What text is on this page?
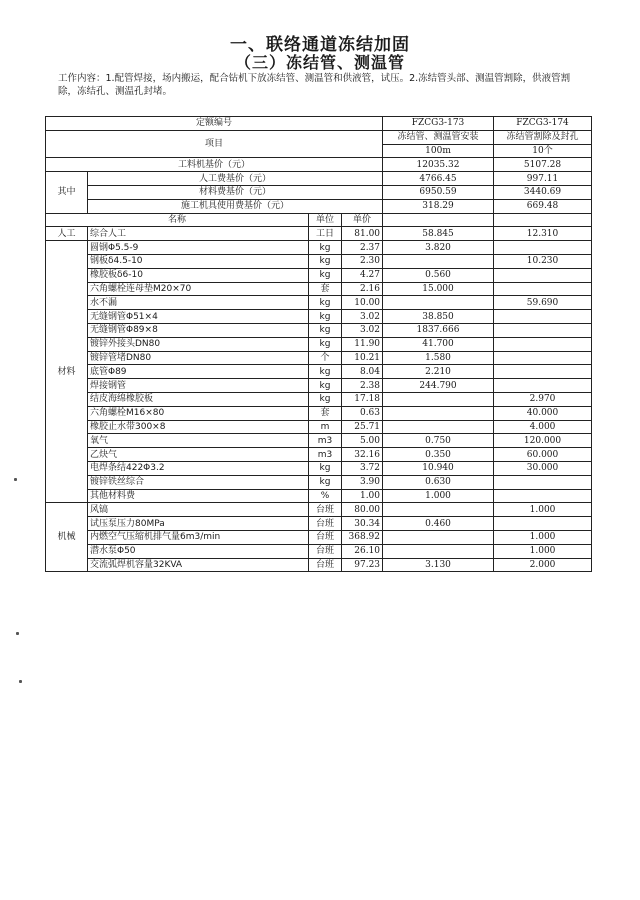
一、联络通道冻结加固
（三）冻结管、测温管
工作内容：1.配管焊接，场内搬运，配合钻机下放冻结管、测温管和供液管，试压。2.冻结管头部、测温管割除，供液管割除，冻结孔、测温孔封堵。
定额编号				FZCG3-173	FZCG3-174
项目				冻结管、测温管安装	冻结管割除及封孔
				100m	10个
工料机基价（元）				12035.32	5107.28
其中	人工费基价（元）			4766.45	997.11
	材料费基价（元）			6950.59	3440.69
	施工机具使用费基价（元）			318.29	669.48
名称		单位	单价		
人工	综合人工	工日	81.00	58.845	12.310
材料	圆钢Φ5.5-9	kg	2.37	3.820	
	钢板δ4.5-10	kg	2.30		10.230
	橡胶板δ6-10	kg	4.27	0.560	
	六角螺栓连母垫M20×70	套	2.16	15.000	
	水不漏	kg	10.00		59.690
	无缝钢管Φ51×4	kg	3.02	38.850	
	无缝钢管Φ89×8	kg	3.02	1837.666	
	镀锌外接头DN80	kg	11.90	41.700	
	镀锌管堵DN80	个	10.21	1.580	
	底管Φ89	kg	8.04	2.210	
	焊接钢管	kg	2.38	244.790	
	结皮海绵橡胶板	kg	17.18		2.970
	六角螺栓M16×80	套	0.63		40.000
	橡胶止水带300×8	m	25.71		4.000
	氧气	m3	5.00	0.750	120.000
	乙炔气	m3	32.16	0.350	60.000
	电焊条结422Φ3.2	kg	3.72	10.940	30.000
	镀锌铁丝综合	kg	3.90	0.630	
	其他材料费	%	1.00	1.000	
机械	风镐	台班	80.00		1.000
	试压泵压力80MPa	台班	30.34	0.460	
	内燃空气压缩机排气量6m3/min	台班	368.92		1.000
	潜水泵Φ50	台班	26.10		1.000
	交流弧焊机容量32KVA	台班	97.23	3.130	2.000
